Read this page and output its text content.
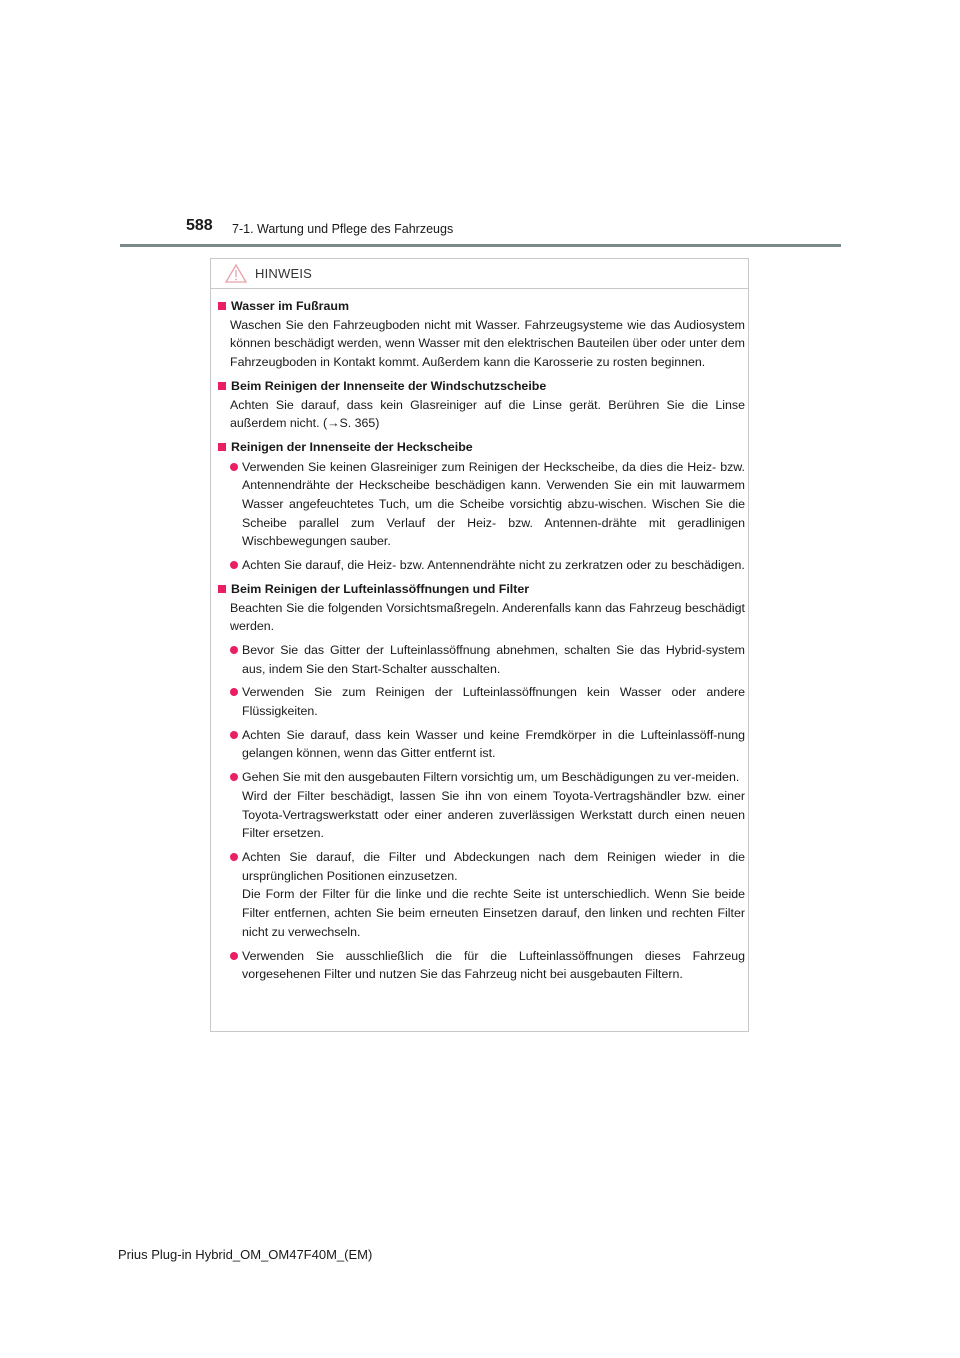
588 7-1. Wartung und Pflege des Fahrzeugs
HINWEIS
Wasser im Fußraum
Waschen Sie den Fahrzeugboden nicht mit Wasser. Fahrzeugsysteme wie das Audiosystem können beschädigt werden, wenn Wasser mit den elektrischen Bauteilen über oder unter dem Fahrzeugboden in Kontakt kommt. Außerdem kann die Karosserie zu rosten beginnen.
Beim Reinigen der Innenseite der Windschutzscheibe
Achten Sie darauf, dass kein Glasreiniger auf die Linse gerät. Berühren Sie die Linse außerdem nicht. (→S. 365)
Reinigen der Innenseite der Heckscheibe
Verwenden Sie keinen Glasreiniger zum Reinigen der Heckscheibe, da dies die Heiz- bzw. Antennendrähte der Heckscheibe beschädigen kann. Verwenden Sie ein mit lauwarmem Wasser angefeuchtetes Tuch, um die Scheibe vorsichtig abzu-wischen. Wischen Sie die Scheibe parallel zum Verlauf der Heiz- bzw. Antennen-drähte mit geradlinigen Wischbewegungen sauber.
Achten Sie darauf, die Heiz- bzw. Antennendrähte nicht zu zerkratzen oder zu beschädigen.
Beim Reinigen der Lufteinlassöffnungen und Filter
Beachten Sie die folgenden Vorsichtsmaßregeln. Anderenfalls kann das Fahrzeug beschädigt werden.
Bevor Sie das Gitter der Lufteinlassöffnung abnehmen, schalten Sie das Hybrid-system aus, indem Sie den Start-Schalter ausschalten.
Verwenden Sie zum Reinigen der Lufteinlassöffnungen kein Wasser oder andere Flüssigkeiten.
Achten Sie darauf, dass kein Wasser und keine Fremdkörper in die Lufteinlassöff-nung gelangen können, wenn das Gitter entfernt ist.
Gehen Sie mit den ausgebauten Filtern vorsichtig um, um Beschädigungen zu ver-meiden.
Wird der Filter beschädigt, lassen Sie ihn von einem Toyota-Vertragshändler bzw. einer Toyota-Vertragswerkstatt oder einer anderen zuverlässigen Werkstatt durch einen neuen Filter ersetzen.
Achten Sie darauf, die Filter und Abdeckungen nach dem Reinigen wieder in die ursprünglichen Positionen einzusetzen.
Die Form der Filter für die linke und die rechte Seite ist unterschiedlich. Wenn Sie beide Filter entfernen, achten Sie beim erneuten Einsetzen darauf, den linken und rechten Filter nicht zu verwechseln.
Verwenden Sie ausschließlich die für die Lufteinlassöffnungen dieses Fahrzeug vorgesehenen Filter und nutzen Sie das Fahrzeug nicht bei ausgebauten Filtern.
Prius Plug-in Hybrid_OM_OM47F40M_(EM)
